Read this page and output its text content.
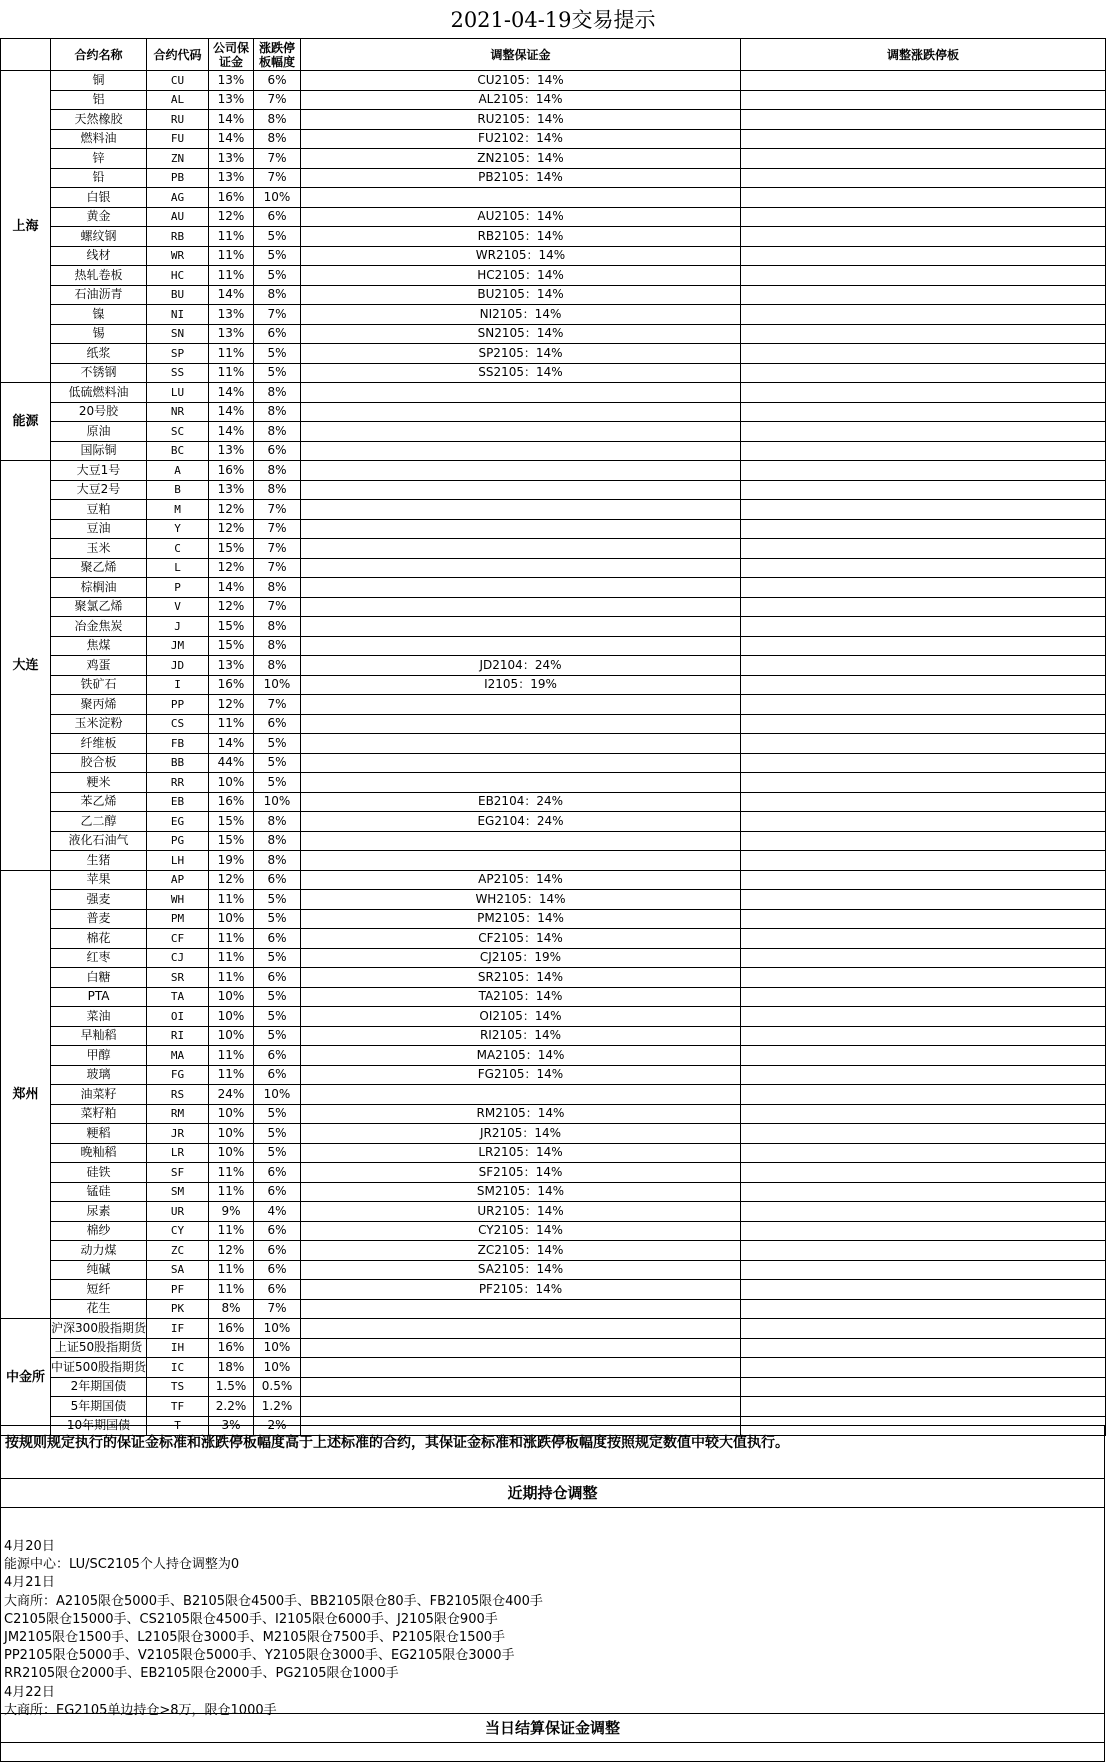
2021-04-19交易提示
	合约名称	合约代码	公司保证金	涨跌停板幅度	调整保证金	调整涨跌停板
上海	铜	CU	13%	6%	CU2105：14%	
	铝	AL	13%	7%	AL2105：14%	
	天然橡胶	RU	14%	8%	RU2105：14%	
	燃料油	FU	14%	8%	FU2102：14%	
	锌	ZN	13%	7%	ZN2105：14%	
	铅	PB	13%	7%	PB2105：14%	
	白银	AG	16%	10%		
	黄金	AU	12%	6%	AU2105：14%	
	螺纹钢	RB	11%	5%	RB2105：14%	
	线材	WR	11%	5%	WR2105：14%	
	热轧卷板	HC	11%	5%	HC2105：14%	
	石油沥青	BU	14%	8%	BU2105：14%	
	镍	NI	13%	7%	NI2105：14%	
	锡	SN	13%	6%	SN2105：14%	
	纸浆	SP	11%	5%	SP2105：14%	
	不锈钢	SS	11%	5%	SS2105：14%	
能源	低硫燃料油	LU	14%	8%		
	20号胶	NR	14%	8%		
	原油	SC	14%	8%		
	国际铜	BC	13%	6%		
大连	大豆1号	A	16%	8%		
	大豆2号	B	13%	8%		
	豆粕	M	12%	7%		
	豆油	Y	12%	7%		
	玉米	C	15%	7%		
	聚乙烯	L	12%	7%		
	棕榈油	P	14%	8%		
	聚氯乙烯	V	12%	7%		
	冶金焦炭	J	15%	8%		
	焦煤	JM	15%	8%		
	鸡蛋	JD	13%	8%	JD2104：24%	
	铁矿石	I	16%	10%	I2105：19%	
	聚丙烯	PP	12%	7%		
	玉米淀粉	CS	11%	6%		
	纤维板	FB	14%	5%		
	胶合板	BB	44%	5%		
	粳米	RR	10%	5%		
	苯乙烯	EB	16%	10%	EB2104：24%	
	乙二醇	EG	15%	8%	EG2104：24%	
	液化石油气	PG	15%	8%		
	生猪	LH	19%	8%		
郑州	苹果	AP	12%	6%	AP2105：14%	
	强麦	WH	11%	5%	WH2105：14%	
	普麦	PM	10%	5%	PM2105：14%	
	棉花	CF	11%	6%	CF2105：14%	
	红枣	CJ	11%	5%	CJ2105：19%	
	白糖	SR	11%	6%	SR2105：14%	
	PTA	TA	10%	5%	TA2105：14%	
	菜油	OI	10%	5%	OI2105：14%	
	早籼稻	RI	10%	5%	RI2105：14%	
	甲醇	MA	11%	6%	MA2105：14%	
	玻璃	FG	11%	6%	FG2105：14%	
	油菜籽	RS	24%	10%		
	菜籽粕	RM	10%	5%	RM2105：14%	
	粳稻	JR	10%	5%	JR2105：14%	
	晚籼稻	LR	10%	5%	LR2105：14%	
	硅铁	SF	11%	6%	SF2105：14%	
	锰硅	SM	11%	6%	SM2105：14%	
	尿素	UR	9%	4%	UR2105：14%	
	棉纱	CY	11%	6%	CY2105：14%	
	动力煤	ZC	12%	6%	ZC2105：14%	
	纯碱	SA	11%	6%	SA2105：14%	
	短纤	PF	11%	6%	PF2105：14%	
	花生	PK	8%	7%		
中金所	沪深300股指期货	IF	16%	10%		
	上证50股指期货	IH	16%	10%		
	中证500股指期货	IC	18%	10%		
	2年期国债	TS	1.5%	0.5%		
	5年期国债	TF	2.2%	1.2%		
	10年期国债	T	3%	2%		
按规则规定执行的保证金标准和涨跌停板幅度高于上述标准的合约，其保证金标准和涨跌停板幅度按照规定数值中较大值执行。
近期持仓调整
4月20日
能源中心：LU/SC2105个人持仓调整为0
4月21日
大商所：A2105限仓5000手、B2105限仓4500手、BB2105限仓80手、FB2105限仓400手
C2105限仓15000手、CS2105限仓4500手、I2105限仓6000手、J2105限仓900手
JM2105限仓1500手、L2105限仓3000手、M2105限仓7500手、P2105限仓1500手
PP2105限仓5000手、V2105限仓5000手、Y2105限仓3000手、EG2105限仓3000手
RR2105限仓2000手、EB2105限仓2000手、PG2105限仓1000手
4月22日
大商所：EG2105单边持仓>8万，限仓1000手
当日结算保证金调整
